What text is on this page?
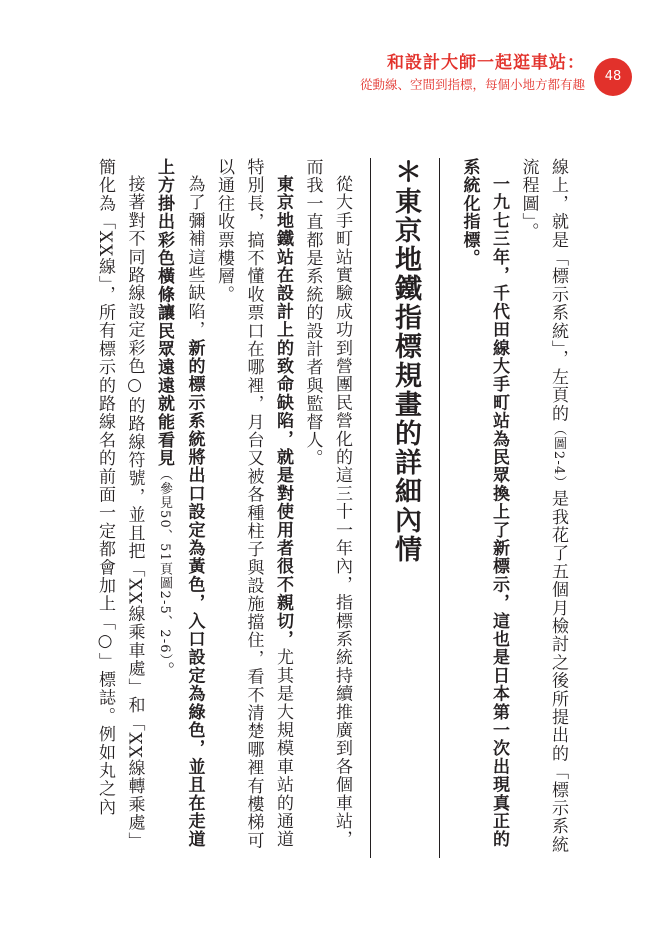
和設計大師一起逛車站：
從動線、空間到指標，每個小地方都有趣
48

線上，就是「標示系統」，左頁的（圖2-4）是我花了五個月檢討之後所提出的「標示系統流程圖」。

一九七三年，千代田線大手町站為民眾換上了新標示，這也是日本第一次出現真正的系統化指標。

＊東京地鐵指標規畫的詳細內情

從大手町站實驗成功到營團民營化的這三十一年內，指標系統持續推廣到各個車站，而我一直都是系統的設計者與監督人。

東京地鐵站在設計上的致命缺陷，就是對使用者很不親切，尤其是大規模車站的通道特別長，搞不懂收票口在哪裡，月台又被各種柱子與設施擋住，看不清楚哪裡有樓梯可以通往收票樓層。

為了彌補這些缺陷，新的標示系統將出口設定為黃色，入口設定為綠色，並且在走道上方掛出彩色橫條讓民眾遠遠就能看見（參見50、51頁圖2-5、2-6）。

接著對不同路線設定彩色○的路線符號，並且把「XX線乘車處」和「XX線轉乘處」簡化為「XX線」，所有標示的路線名的前面一定都會加上「○」標誌。例如丸之內
